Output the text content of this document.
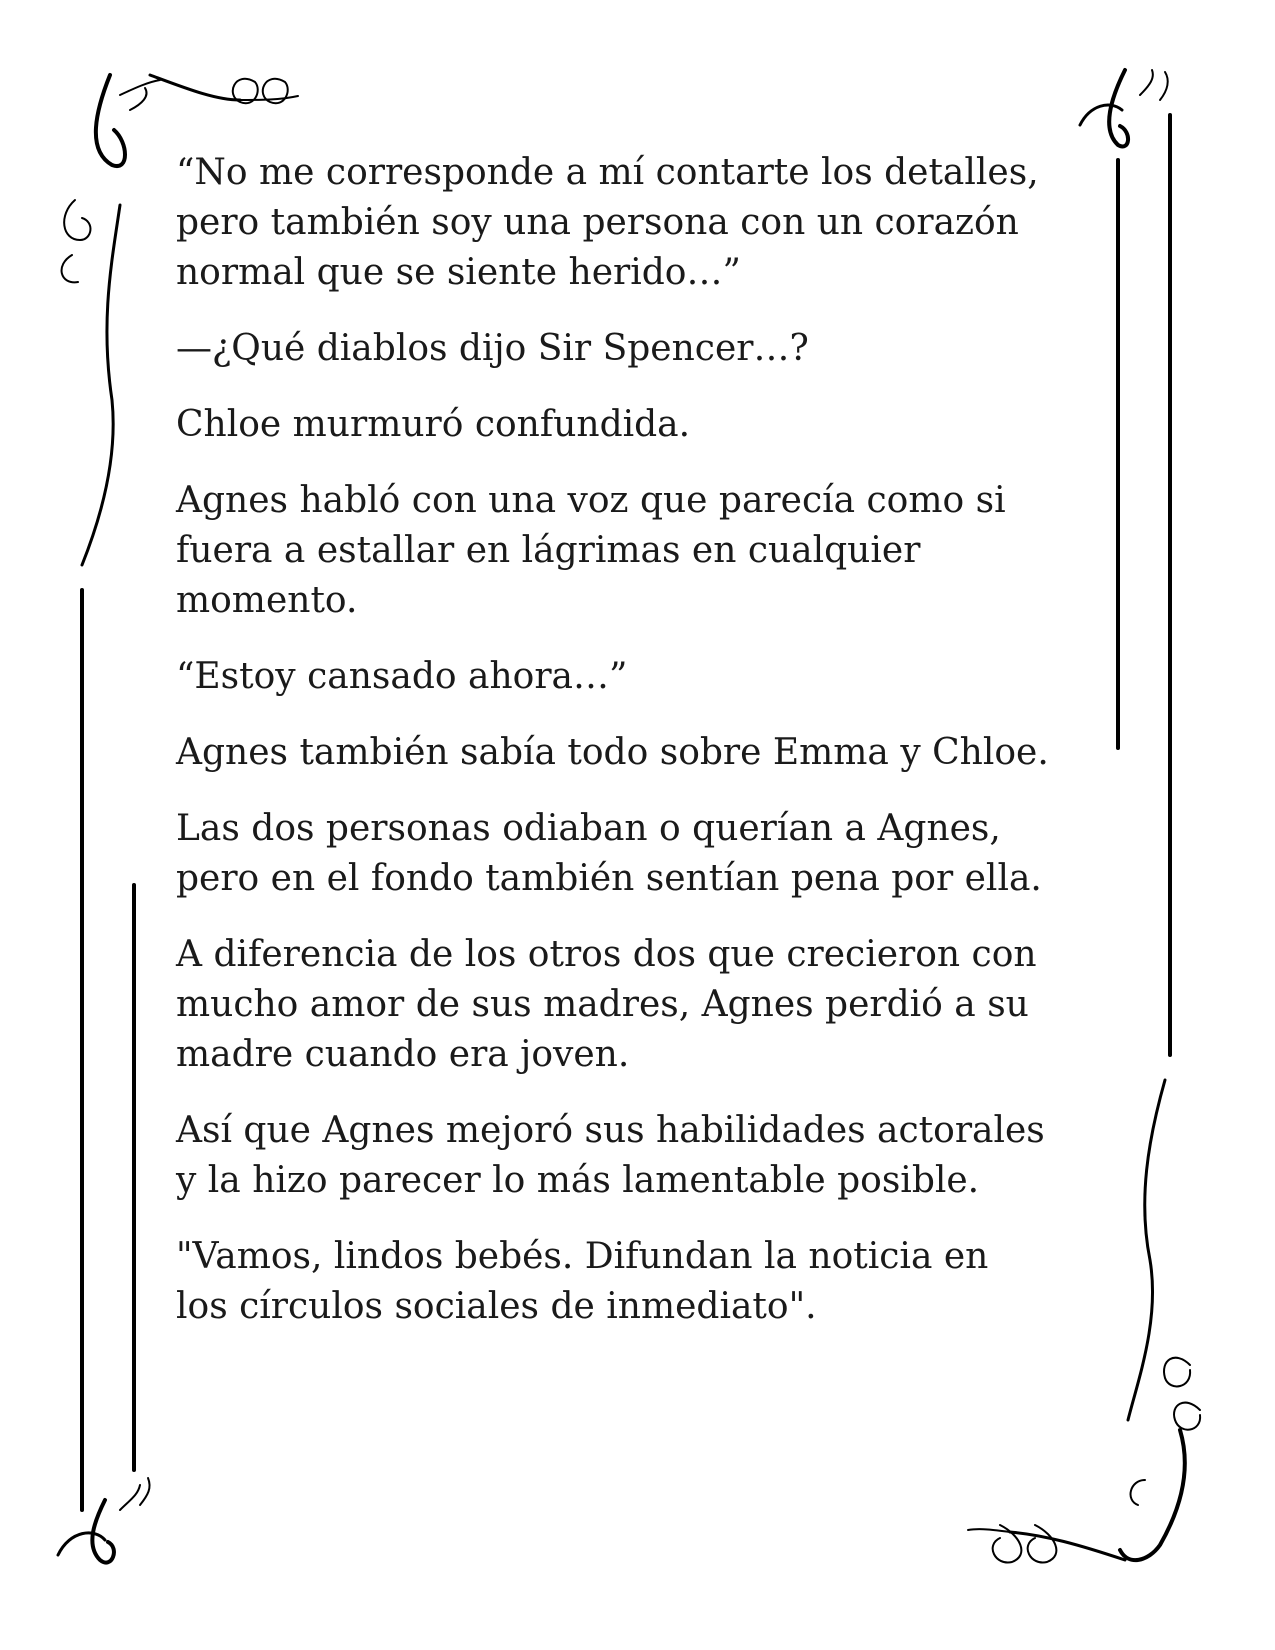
“No me corresponde a mí contarte los detalles,
pero también soy una persona con un corazón
normal que se siente herido…”

—¿Qué diablos dijo Sir Spencer…?

Chloe murmuró confundida.

Agnes habló con una voz que parecía como si
fuera a estallar en lágrimas en cualquier
momento.

“Estoy cansado ahora…”

Agnes también sabía todo sobre Emma y Chloe.

Las dos personas odiaban o querían a Agnes,
pero en el fondo también sentían pena por ella.

A diferencia de los otros dos que crecieron con
mucho amor de sus madres, Agnes perdió a su
madre cuando era joven.

Así que Agnes mejoró sus habilidades actorales
y la hizo parecer lo más lamentable posible.

"Vamos, lindos bebés. Difundan la noticia en
los círculos sociales de inmediato".
